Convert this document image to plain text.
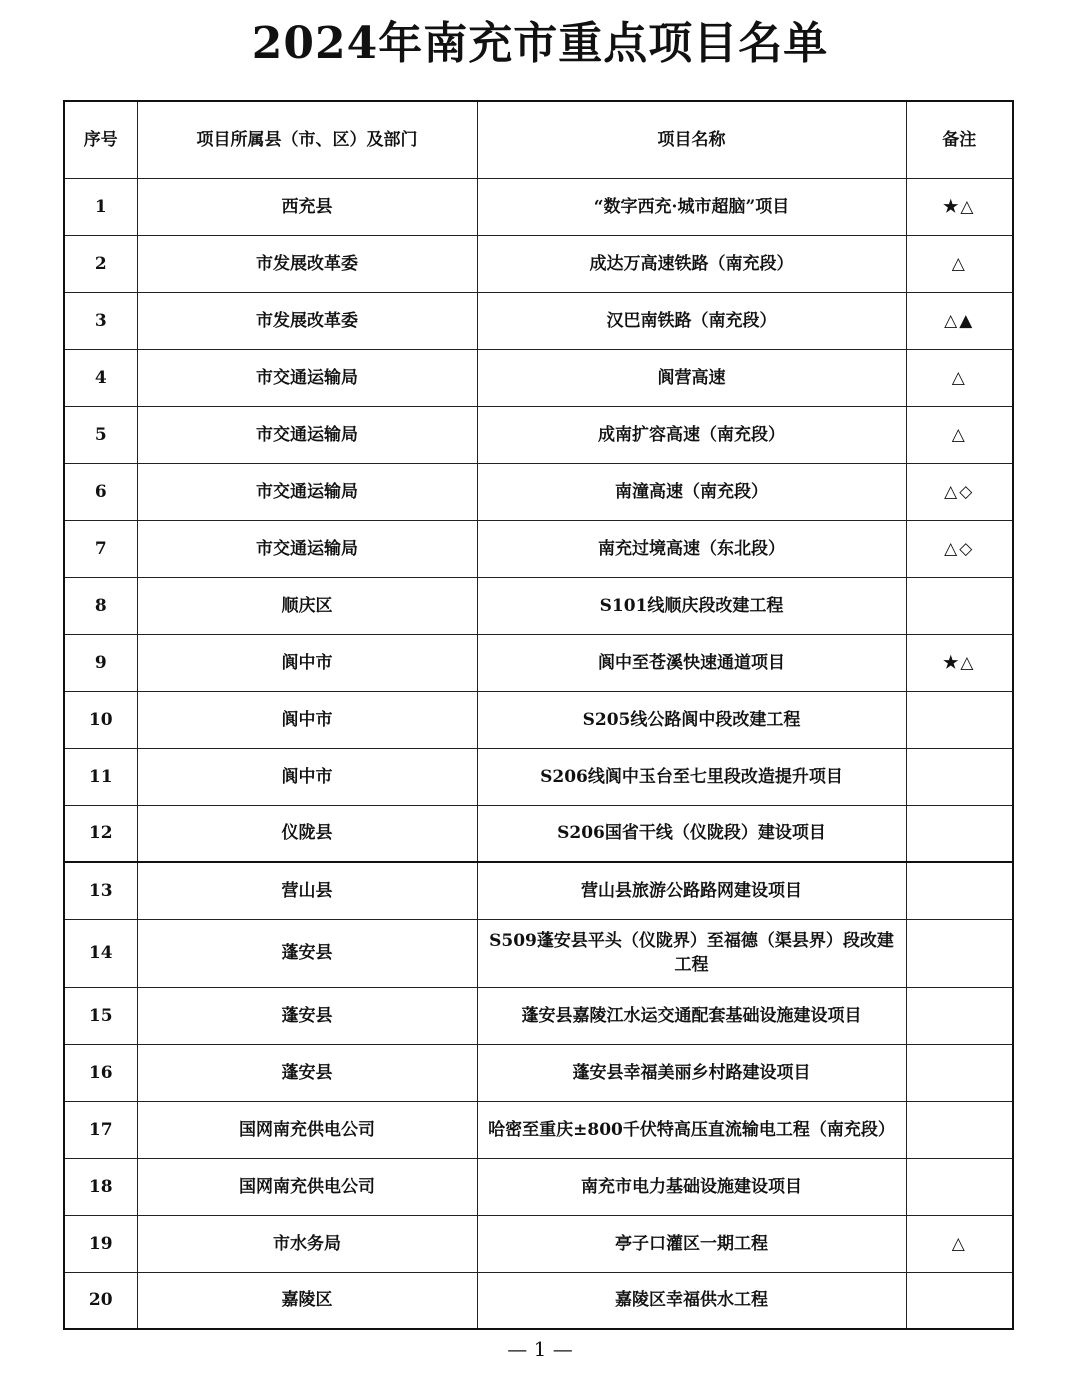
2024年南充市重点项目名单
序号	项目所属县（市、区）及部门	项目名称	备注
1	西充县	“数字西充·城市超脑”项目	★△
2	市发展改革委	成达万高速铁路（南充段）	△
3	市发展改革委	汉巴南铁路（南充段）	△▲
4	市交通运输局	阆营高速	△
5	市交通运输局	成南扩容高速（南充段）	△
6	市交通运输局	南潼高速（南充段）	△◇
7	市交通运输局	南充过境高速（东北段）	△◇
8	顺庆区	S101线顺庆段改建工程	
9	阆中市	阆中至苍溪快速通道项目	★△
10	阆中市	S205线公路阆中段改建工程	
11	阆中市	S206线阆中玉台至七里段改造提升项目	
12	仪陇县	S206国省干线（仪陇段）建设项目	
13	营山县	营山县旅游公路路网建设项目	
14	蓬安县	S509蓬安县平头（仪陇界）至福德（渠县界）段改建工程	
15	蓬安县	蓬安县嘉陵江水运交通配套基础设施建设项目	
16	蓬安县	蓬安县幸福美丽乡村路建设项目	
17	国网南充供电公司	哈密至重庆±800千伏特高压直流输电工程（南充段）	
18	国网南充供电公司	南充市电力基础设施建设项目	
19	市水务局	亭子口灌区一期工程	△
20	嘉陵区	嘉陵区幸福供水工程	
— 1 —
